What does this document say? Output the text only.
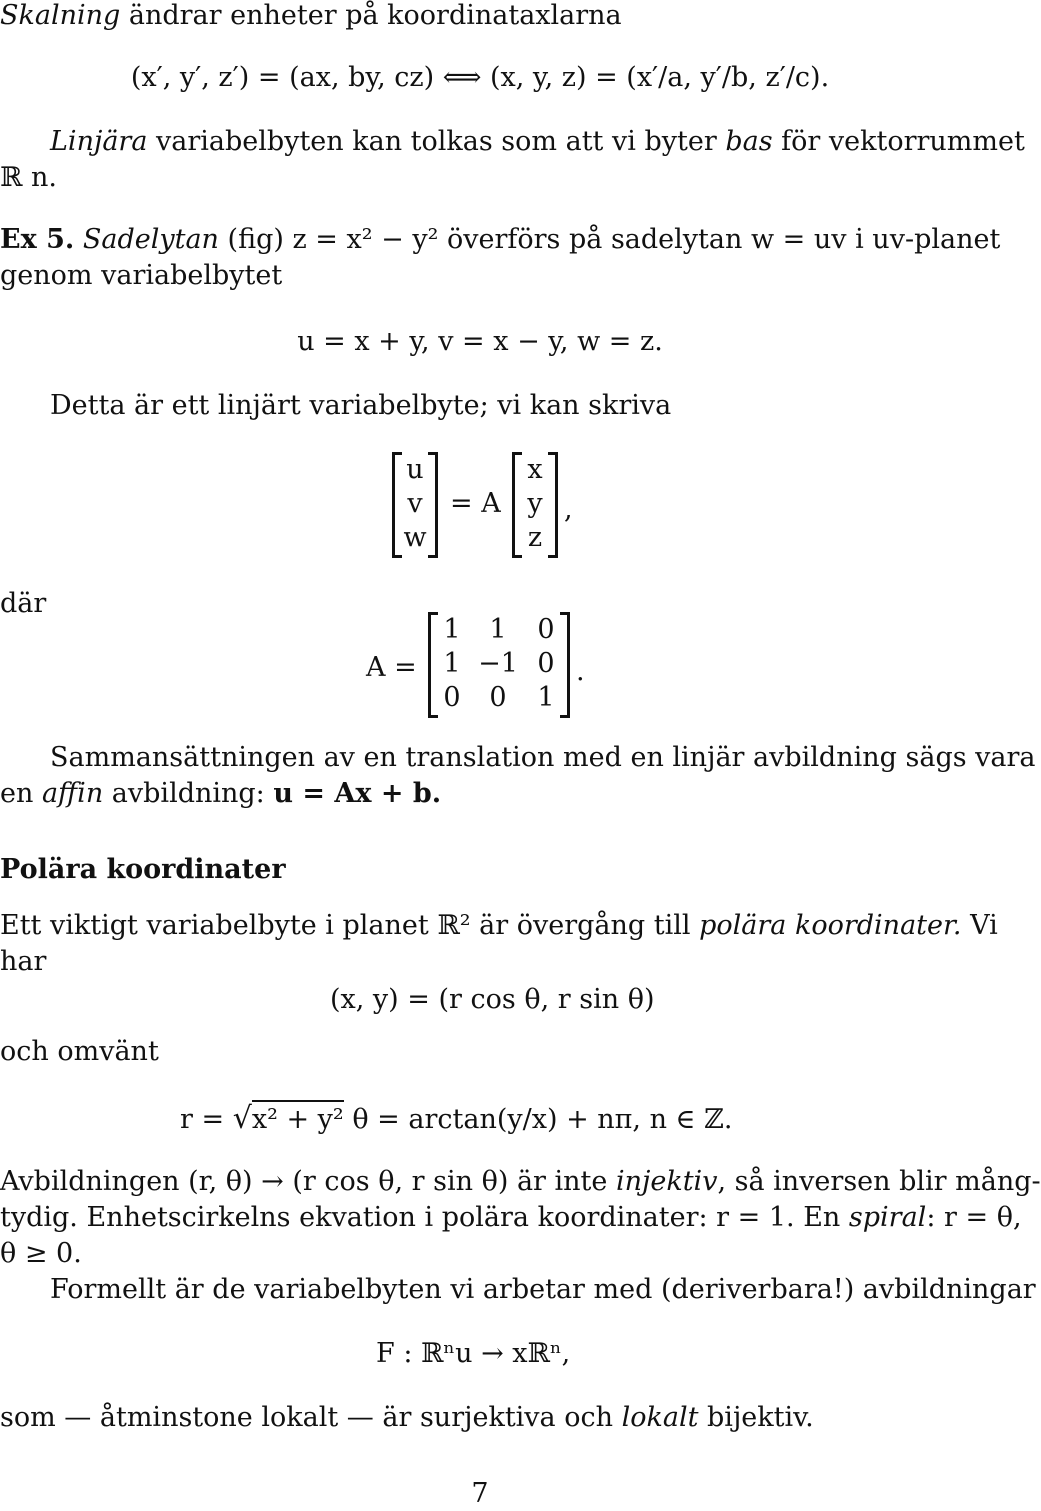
Skalning ändrar enheter på koordinataxlarna
(x′, y′, z′) = (ax, by, cz) ⟺ (x, y, z) = (x′/a, y′/b, z′/c).
Linjära variabelbyten kan tolkas som att vi byter bas för vektorrummet
ℝ n.
Ex 5. Sadelytan (fig) z = x² − y² överförs på sadelytan w = uv i uv-planet
genom variabelbytet
u = x + y, v = x − y, w = z.
Detta är ett linjärt variabelbyte; vi kan skriva
u
v
w
= A
x
y
z
,
där
A =
1	1	0
1 −1 0
0	0	1
.
Sammansättningen av en translation med en linjär avbildning sägs vara
en affin avbildning: u = Ax + b.
Polära koordinater
Ett viktigt variabelbyte i planet ℝ² är övergång till polära koordinater. Vi
har
(x, y) = (r cos θ, r sin θ)
och omvänt
r = √x² + y² θ = arctan(y/x) + nπ, n ∈ ℤ.
Avbildningen (r, θ) → (r cos θ, r sin θ) är inte injektiv, så inversen blir mång-
tydig. Enhetscirkelns ekvation i polära koordinater: r = 1. En spiral: r = θ,
θ ≥ 0.
Formellt är de variabelbyten vi arbetar med (deriverbara!) avbildningar
F : ℝⁿu → xℝⁿ,
som — åtminstone lokalt — är surjektiva och lokalt bijektiv.
7
